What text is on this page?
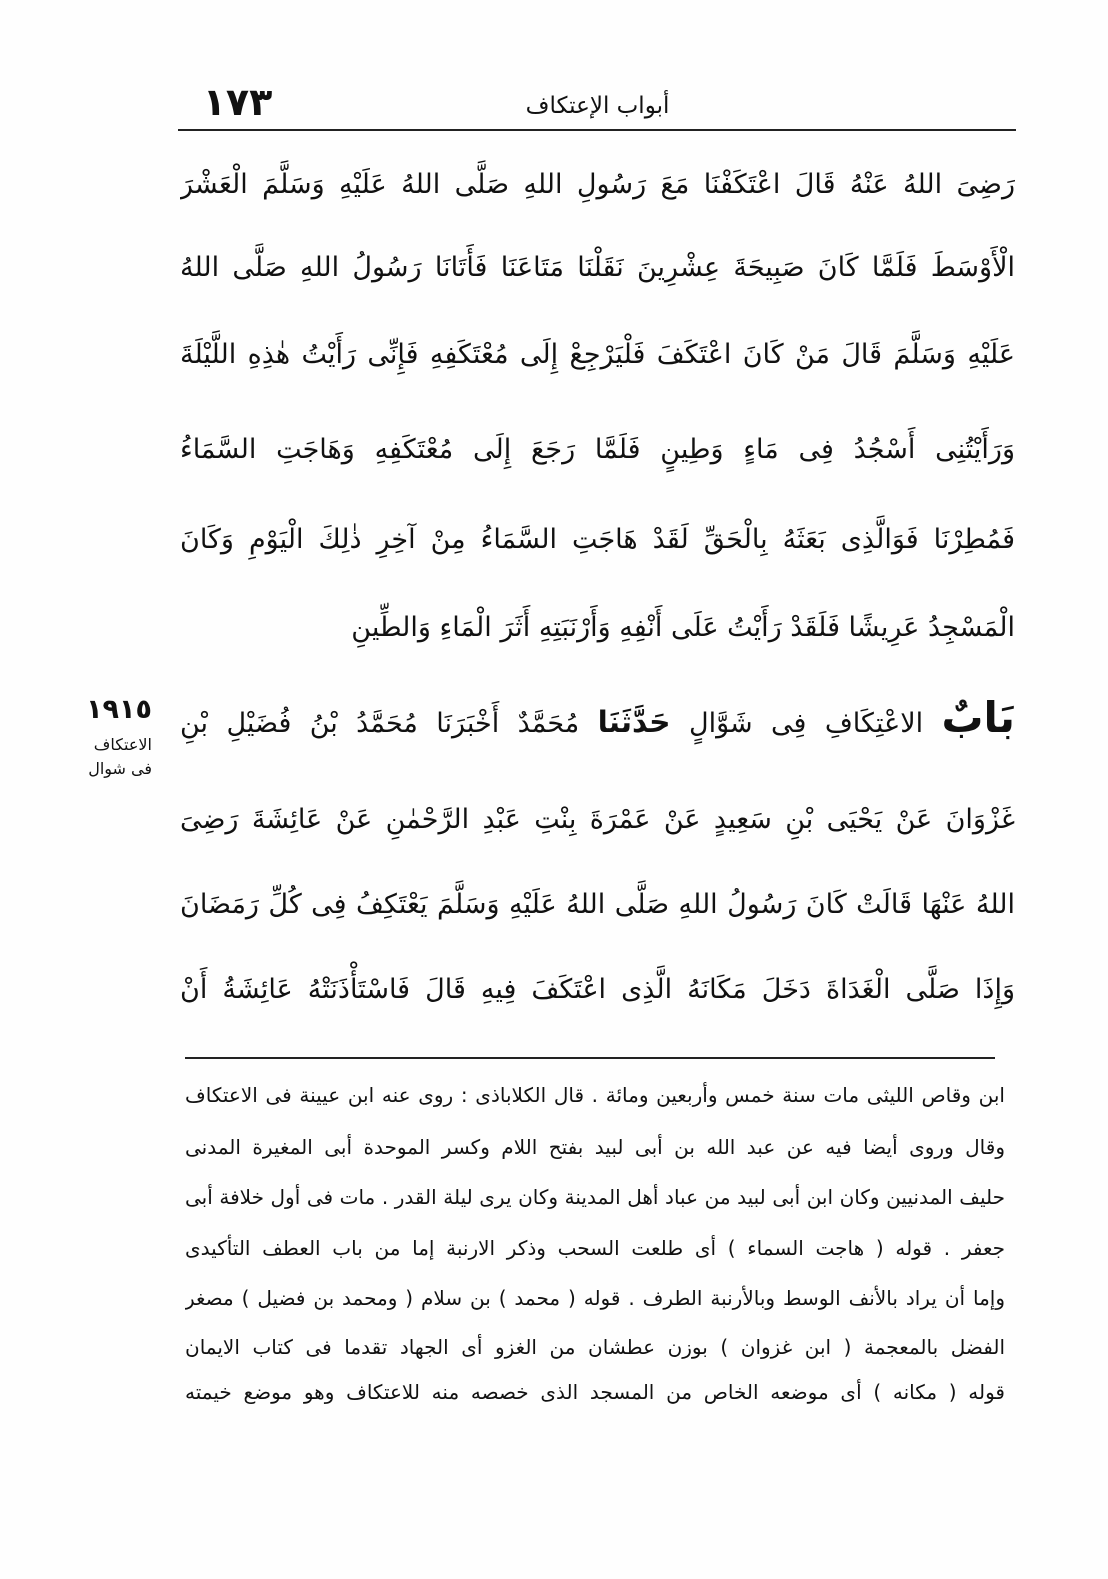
١٧٣	أبواب الإعتكاف
رَضِىَ اللهُ عَنْهُ قَالَ اعْتَكَفْنَا مَعَ رَسُولِ اللهِ صَلَّى اللهُ عَلَيْهِ وَسَلَّمَ الْعَشْرَ
الْأَوْسَطَ فَلَمَّا كَانَ صَبِيحَةَ عِشْرِينَ نَقَلْنَا مَتَاعَنَا فَأَتَانَا رَسُولُ اللهِ صَلَّى اللهُ
عَلَيْهِ وَسَلَّمَ قَالَ مَنْ كَانَ اعْتَكَفَ فَلْيَرْجِعْ إِلَى مُعْتَكَفِهِ فَإِنِّى رَأَيْتُ هٰذِهِ اللَّيْلَةَ
وَرَأَيْتُنِى أَسْجُدُ فِى مَاءٍ وَطِينٍ فَلَمَّا رَجَعَ إِلَى مُعْتَكَفِهِ وَهَاجَتِ السَّمَاءُ
فَمُطِرْنَا فَوَالَّذِى بَعَثَهُ بِالْحَقِّ لَقَدْ هَاجَتِ السَّمَاءُ مِنْ آخِرِ ذٰلِكَ الْيَوْمِ وَكَانَ
الْمَسْجِدُ عَرِيشًا فَلَقَدْ رَأَيْتُ عَلَى أَنْفِهِ وَأَرْنَبَتِهِ أَثَرَ الْمَاءِ وَالطِّينِ
١٩١٥
الاعتكاف
فى شوال
بَابٌ الاعْتِكَافِ فِى شَوَّالٍ حَدَّثَنَا مُحَمَّدٌ أَخْبَرَنَا مُحَمَّدُ بْنُ فُضَيْلِ بْنِ
غَزْوَانَ عَنْ يَحْيَى بْنِ سَعِيدٍ عَنْ عَمْرَةَ بِنْتِ عَبْدِ الرَّحْمٰنِ عَنْ عَائِشَةَ رَضِىَ
اللهُ عَنْهَا قَالَتْ كَانَ رَسُولُ اللهِ صَلَّى اللهُ عَلَيْهِ وَسَلَّمَ يَعْتَكِفُ فِى كُلِّ رَمَضَانَ
وَإِذَا صَلَّى الْغَدَاةَ دَخَلَ مَكَانَهُ الَّذِى اعْتَكَفَ فِيهِ قَالَ فَاسْتَأْذَنَتْهُ عَائِشَةُ أَنْ
ابن وقاص الليثى مات سنة خمس وأربعين ومائة . قال الكلاباذى : روى عنه ابن عيينة فى الاعتكاف
وقال وروى أيضا فيه عن عبد الله بن أبى لبيد بفتح اللام وكسر الموحدة أبى المغيرة المدنى
حليف المدنيين وكان ابن أبى لبيد من عباد أهل المدينة وكان يرى ليلة القدر . مات فى أول خلافة أبى
جعفر . قوله ( هاجت السماء ) أى طلعت السحب وذكر الارنبة إما من باب العطف التأكيدى
وإما أن يراد بالأنف الوسط وبالأرنبة الطرف . قوله ( محمد ) بن سلام ( ومحمد بن فضيل ) مصغر
الفضل بالمعجمة ( ابن غزوان ) بوزن عطشان من الغزو أى الجهاد تقدما فى كتاب الايمان
قوله ( مكانه ) أى موضعه الخاص من المسجد الذى خصصه منه للاعتكاف وهو موضع خيمته
